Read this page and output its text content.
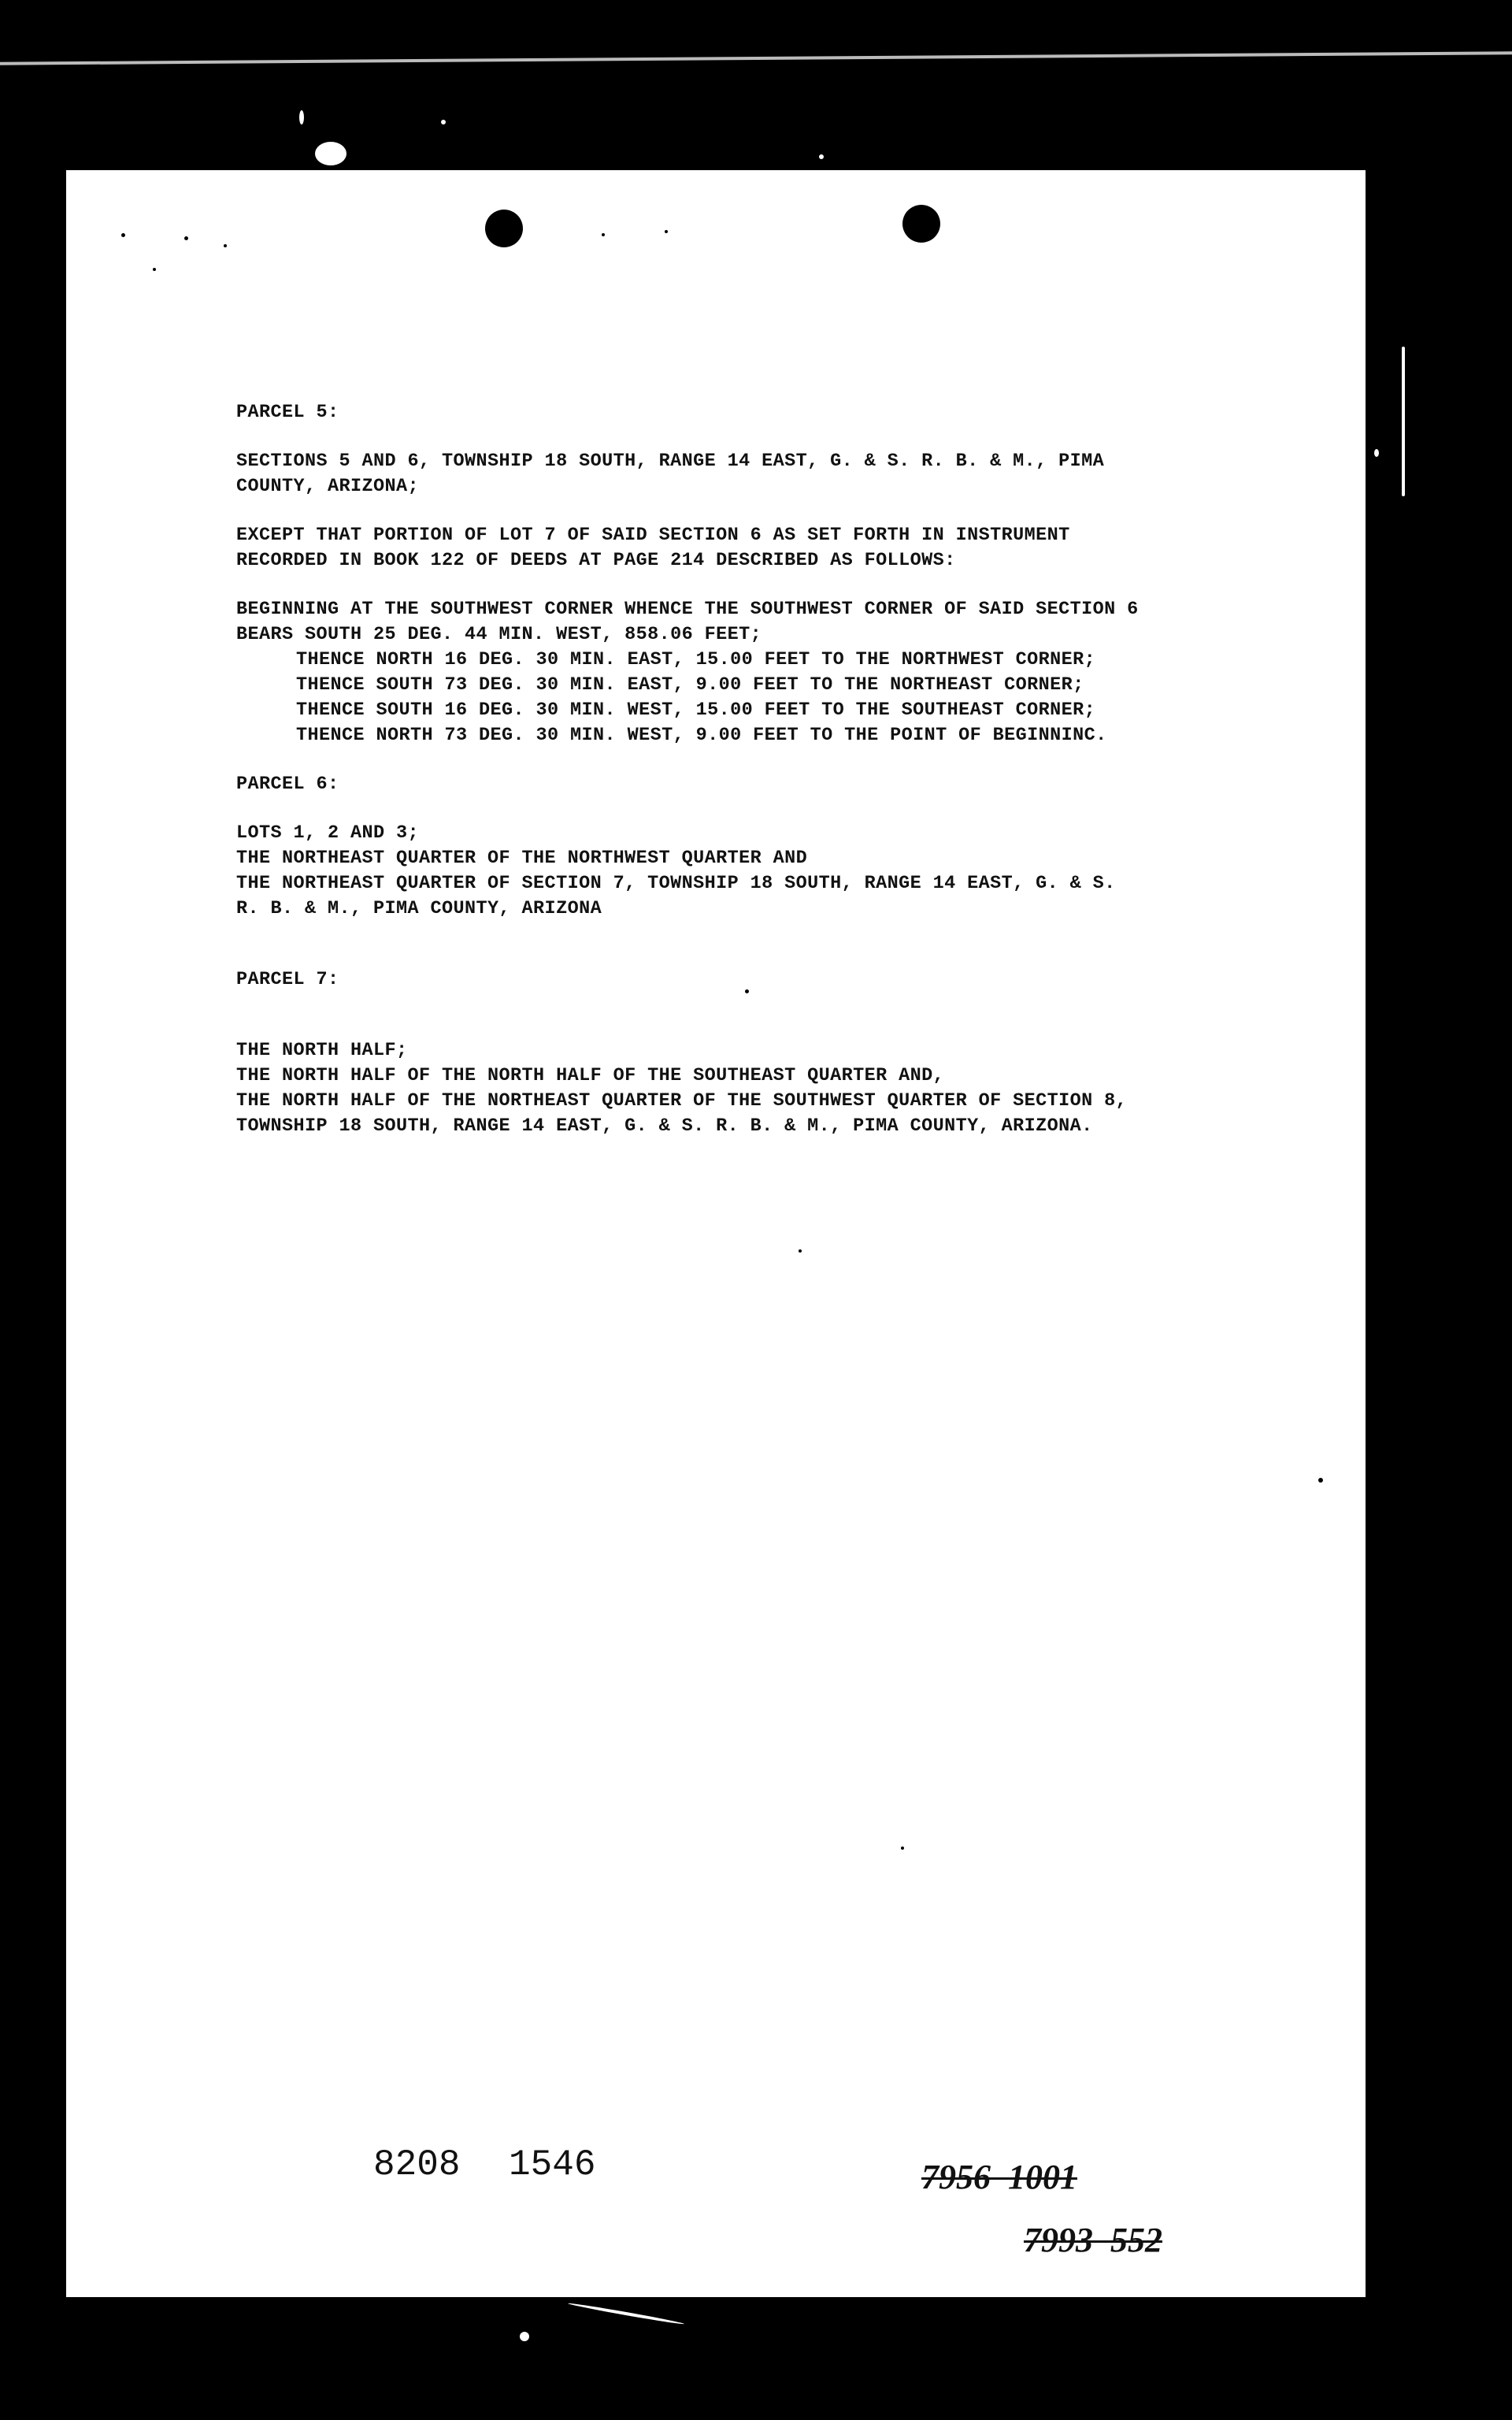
PARCEL 5:

SECTIONS 5 AND 6, TOWNSHIP 18 SOUTH, RANGE 14 EAST, G. & S. R. B. & M., PIMA

COUNTY, ARIZONA;

EXCEPT THAT PORTION OF LOT 7 OF SAID SECTION 6 AS SET FORTH IN INSTRUMENT

RECORDED IN BOOK 122 OF DEEDS AT PAGE 214 DESCRIBED AS FOLLOWS:

BEGINNING AT THE SOUTHWEST CORNER WHENCE THE SOUTHWEST CORNER OF SAID SECTION 6

BEARS SOUTH 25 DEG. 44 MIN. WEST, 858.06 FEET;

THENCE NORTH 16 DEG. 30 MIN. EAST, 15.00 FEET TO THE NORTHWEST CORNER;

THENCE SOUTH 73 DEG. 30 MIN. EAST, 9.00 FEET TO THE NORTHEAST CORNER;

THENCE SOUTH 16 DEG. 30 MIN. WEST, 15.00 FEET TO THE SOUTHEAST CORNER;

THENCE NORTH 73 DEG. 30 MIN. WEST, 9.00 FEET TO THE POINT OF BEGINNINC.

PARCEL 6:

LOTS 1, 2 AND 3;

THE NORTHEAST QUARTER OF THE NORTHWEST QUARTER AND

THE NORTHEAST QUARTER OF SECTION 7, TOWNSHIP 18 SOUTH, RANGE 14 EAST, G. & S.

R. B. & M., PIMA COUNTY, ARIZONA

PARCEL 7:

THE NORTH HALF;

THE NORTH HALF OF THE NORTH HALF OF THE SOUTHEAST QUARTER AND,

THE NORTH HALF OF THE NORTHEAST QUARTER OF THE SOUTHWEST QUARTER OF SECTION 8,

TOWNSHIP 18 SOUTH, RANGE 14 EAST, G. & S. R. B. & M., PIMA COUNTY, ARIZONA.

8208 1546	7956  1001
7993  552
